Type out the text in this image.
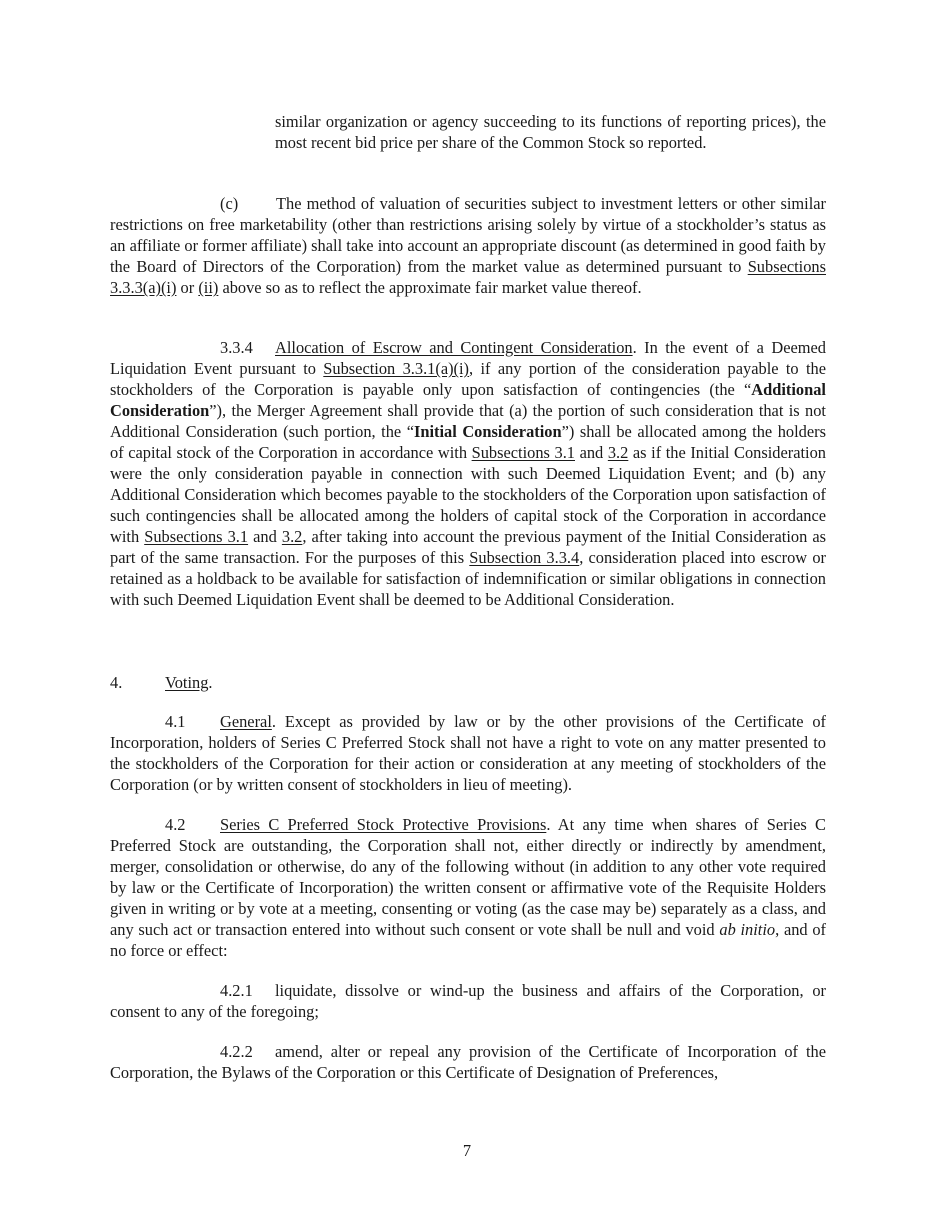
similar organization or agency succeeding to its functions of reporting prices), the most recent bid price per share of the Common Stock so reported.

(c) The method of valuation of securities subject to investment letters or other similar restrictions on free marketability (other than restrictions arising solely by virtue of a stockholder’s status as an affiliate or former affiliate) shall take into account an appropriate discount (as determined in good faith by the Board of Directors of the Corporation) from the market value as determined pursuant to Subsections 3.3.3(a)(i) or (ii) above so as to reflect the approximate fair market value thereof.

3.3.4 Allocation of Escrow and Contingent Consideration. In the event of a Deemed Liquidation Event pursuant to Subsection 3.3.1(a)(i), if any portion of the consideration payable to the stockholders of the Corporation is payable only upon satisfaction of contingencies (the “Additional Consideration”), the Merger Agreement shall provide that (a) the portion of such consideration that is not Additional Consideration (such portion, the “Initial Consideration”) shall be allocated among the holders of capital stock of the Corporation in accordance with Subsections 3.1 and 3.2 as if the Initial Consideration were the only consideration payable in connection with such Deemed Liquidation Event; and (b) any Additional Consideration which becomes payable to the stockholders of the Corporation upon satisfaction of such contingencies shall be allocated among the holders of capital stock of the Corporation in accordance with Subsections 3.1 and 3.2, after taking into account the previous payment of the Initial Consideration as part of the same transaction. For the purposes of this Subsection 3.3.4, consideration placed into escrow or retained as a holdback to be available for satisfaction of indemnification or similar obligations in connection with such Deemed Liquidation Event shall be deemed to be Additional Consideration.

4.	Voting.

4.1 General. Except as provided by law or by the other provisions of the Certificate of Incorporation, holders of Series C Preferred Stock shall not have a right to vote on any matter presented to the stockholders of the Corporation for their action or consideration at any meeting of stockholders of the Corporation (or by written consent of stockholders in lieu of meeting).

4.2 Series C Preferred Stock Protective Provisions. At any time when shares of Series C Preferred Stock are outstanding, the Corporation shall not, either directly or indirectly by amendment, merger, consolidation or otherwise, do any of the following without (in addition to any other vote required by law or the Certificate of Incorporation) the written consent or affirmative vote of the Requisite Holders given in writing or by vote at a meeting, consenting or voting (as the case may be) separately as a class, and any such act or transaction entered into without such consent or vote shall be null and void ab initio, and of no force or effect:

4.2.1 liquidate, dissolve or wind-up the business and affairs of the Corporation, or consent to any of the foregoing;

4.2.2 amend, alter or repeal any provision of the Certificate of Incorporation of the Corporation, the Bylaws of the Corporation or this Certificate of Designation of Preferences,

7
